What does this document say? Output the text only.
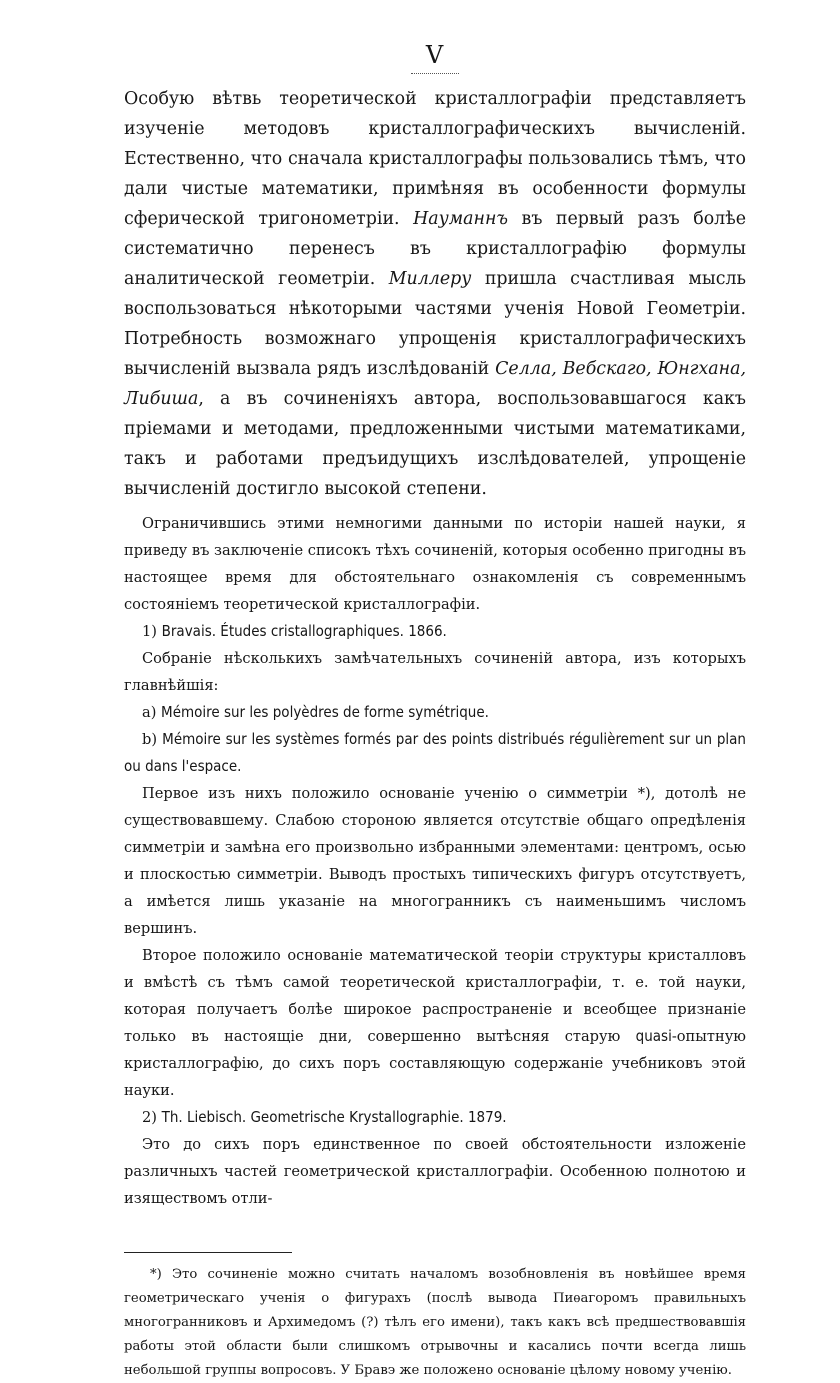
V

Особую вѣтвь теоретической кристаллографіи представляетъ изученіе методовъ кристаллографическихъ вычисленій. Естественно, что сначала кристаллографы пользовались тѣмъ, что дали чистые математики, примѣняя въ особенности формулы сферической тригонометріи. Науманнъ въ первый разъ болѣе систематично перенесъ въ кристаллографію формулы аналитической геометріи. Миллеру пришла счастливая мысль воспользоваться нѣкоторыми частями ученія Новой Геометріи. Потребность возможнаго упрощенія кристаллографическихъ вычисленій вызвала рядъ изслѣдованій Селла, Вебскаго, Юнгхана, Либиша, а въ сочиненіяхъ автора, воспользовавшагося какъ пріемами и методами, предложенными чистыми математиками, такъ и работами предъидущихъ изслѣдователей, упрощеніе вычисленій достигло высокой степени.

Ограничившись этими немногими данными по исторіи нашей науки, я приведу въ заключеніе списокъ тѣхъ сочиненій, которыя особенно пригодны въ настоящее время для обстоятельнаго ознакомленія съ современнымъ состояніемъ теоретической кристаллографіи.

1) Bravais. Études cristallographiques. 1866.

Собраніе нѣсколькихъ замѣчательныхъ сочиненій автора, изъ которыхъ главнѣйшія:

a) Mémoire sur les polyèdres de forme symétrique.

b) Mémoire sur les systèmes formés par des points distribués régulièrement sur un plan ou dans l'espace.

Первое изъ нихъ положило основаніе ученію о симметріи *), дотолѣ не существовавшему. Слабою стороною является отсутствіе общаго опредѣленія симметріи и замѣна его произвольно избранными элементами: центромъ, осью и плоскостью симметріи. Выводъ простыхъ типическихъ фигуръ отсутствуетъ, а имѣется лишь указаніе на многогранникъ съ наименьшимъ числомъ вершинъ.

Второе положило основаніе математической теоріи структуры кристалловъ и вмѣстѣ съ тѣмъ самой теоретической кристаллографіи, т. е. той науки, которая получаетъ болѣе широкое распространеніе и всеобщее признаніе только въ настоящіе дни, совершенно вытѣсняя старую quasi-опытную кристаллографію, до сихъ поръ составляющую содержаніе учебниковъ этой науки.

2) Th. Liebisch. Geometrische Krystallographie. 1879.

Это до сихъ поръ единственное по своей обстоятельности изложеніе различныхъ частей геометрической кристаллографіи. Особенною полнотою и изяществомъ отли-

*) Это сочиненіе можно считать началомъ возобновленія въ новѣйшее время геометрическаго ученія о фигурахъ (послѣ вывода Пиѳагоромъ правильныхъ многогранниковъ и Архимедомъ (?) тѣлъ его имени), такъ какъ всѣ предшествовавшія работы этой области были слишкомъ отрывочны и касались почти всегда лишь небольшой группы вопросовъ. У Бравэ же положено основаніе цѣлому новому ученію.
